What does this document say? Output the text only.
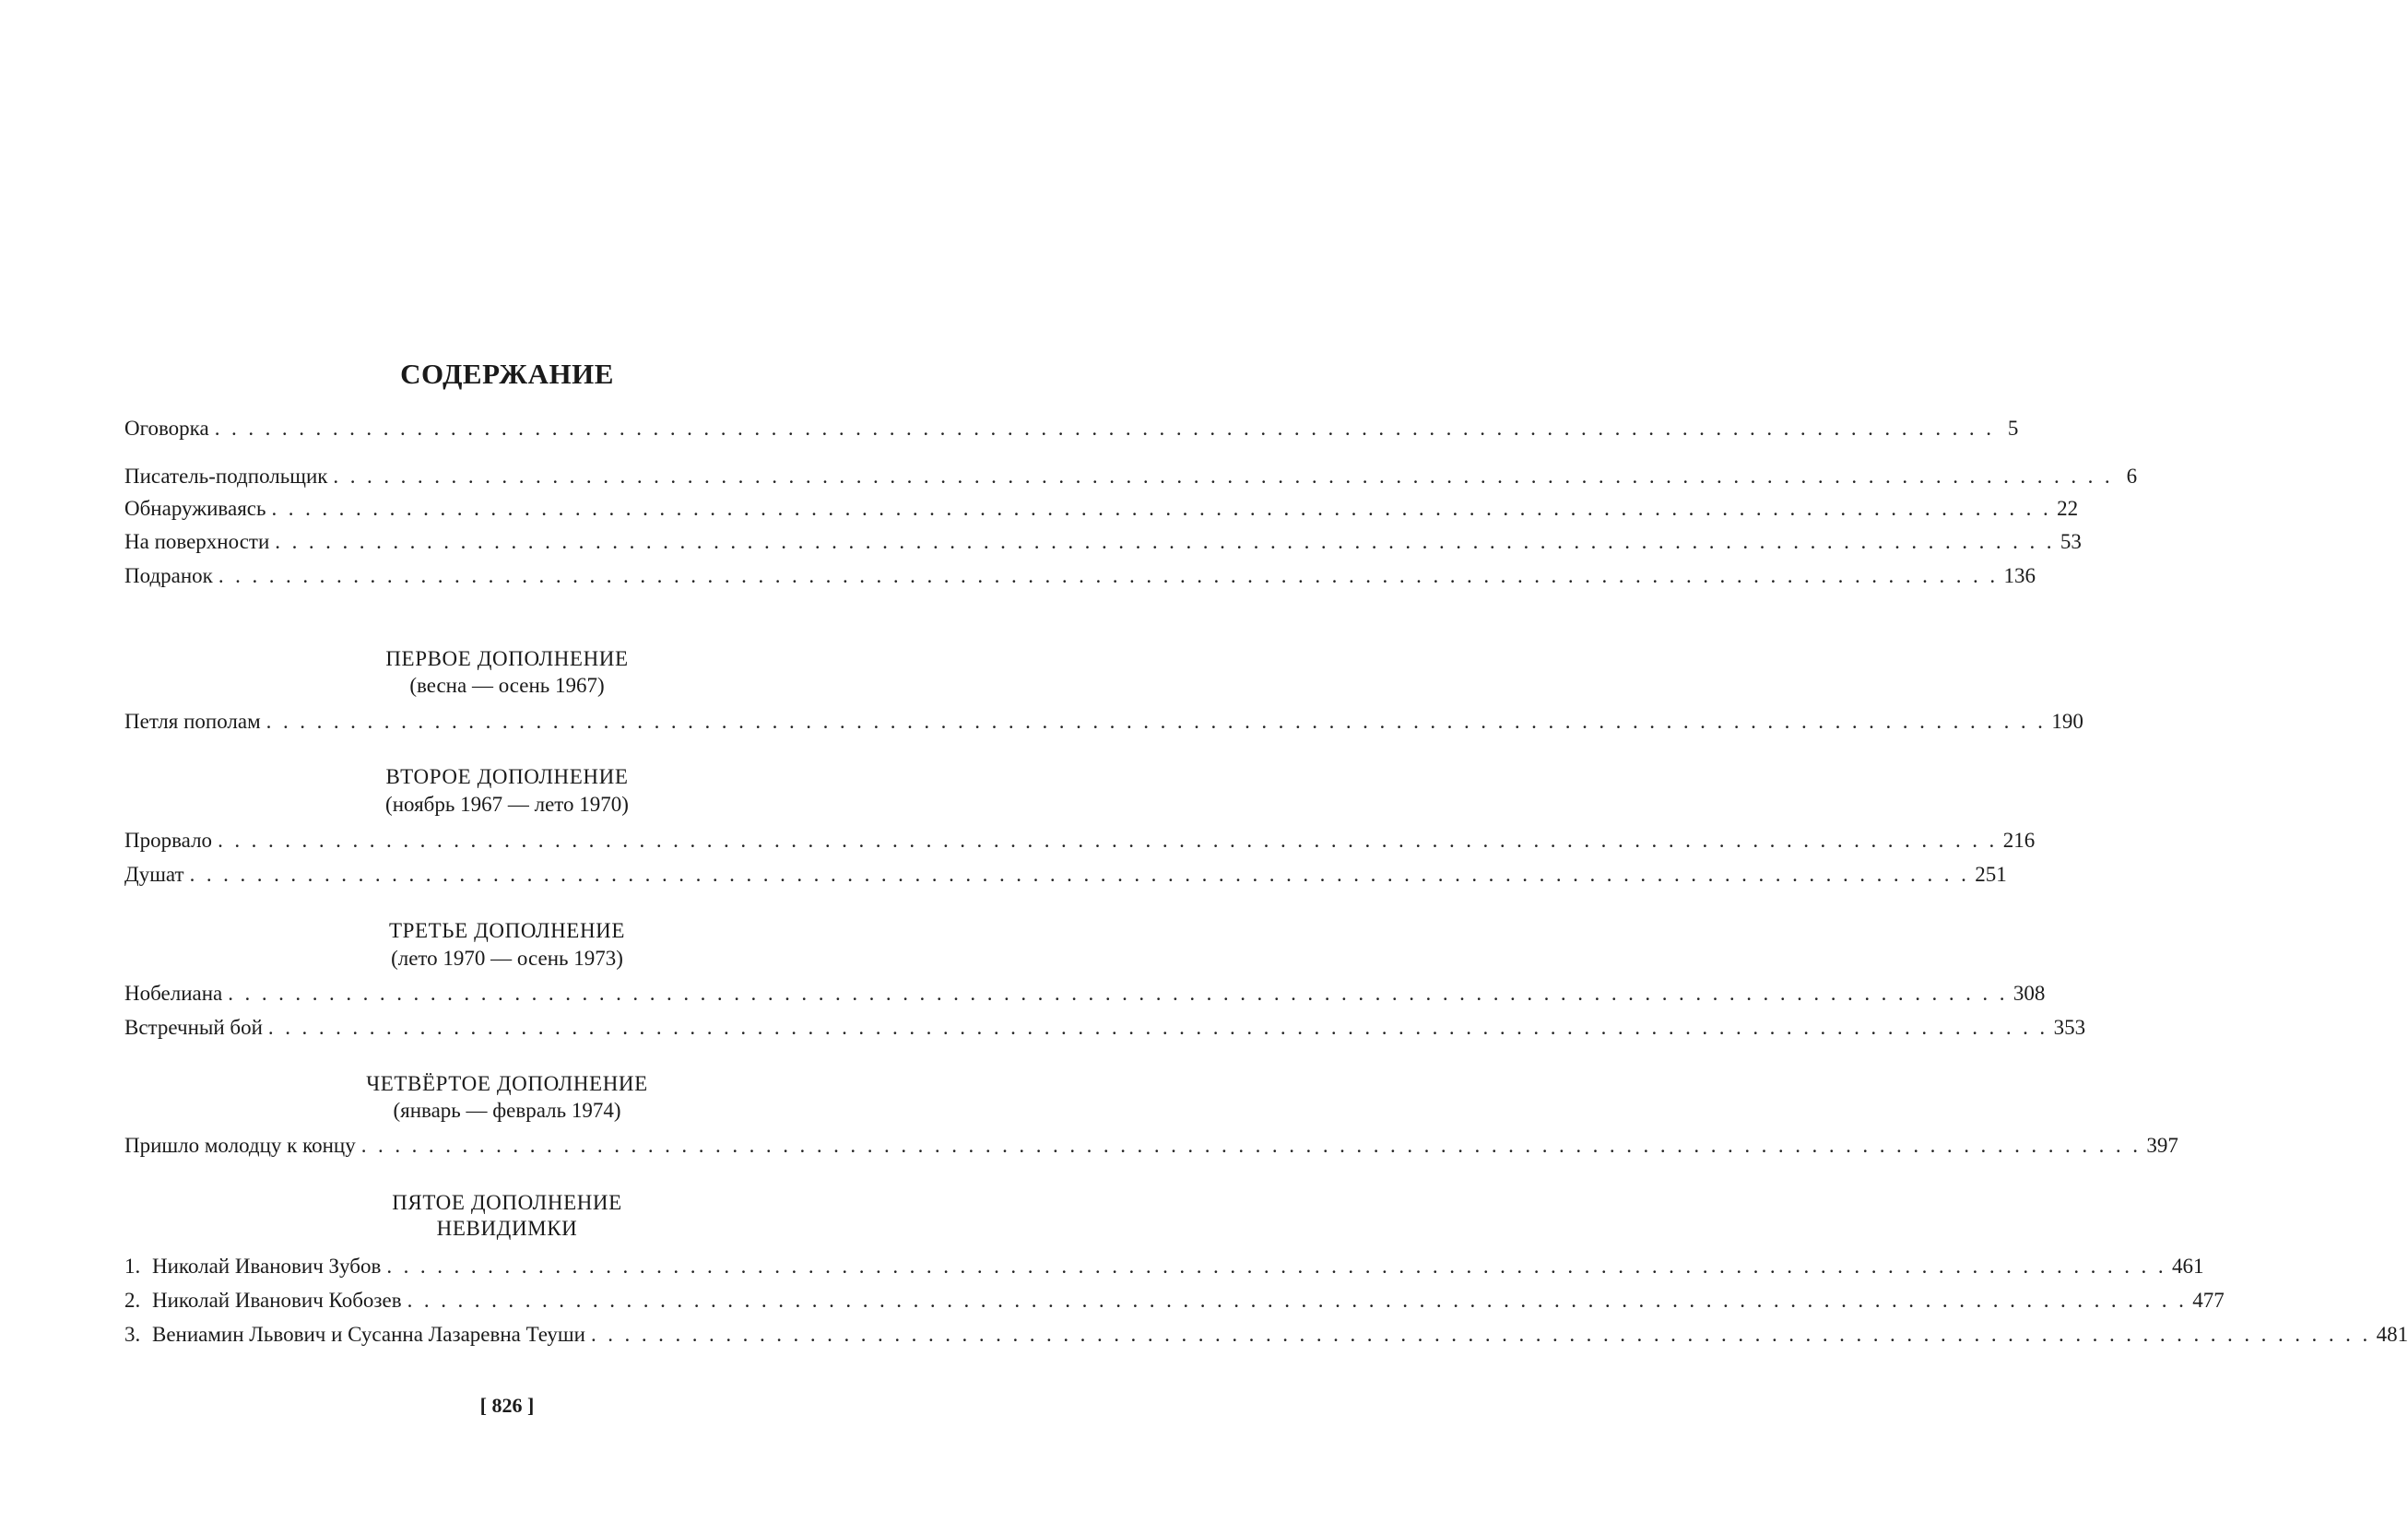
СОДЕРЖАНИЕ
Оговорка . . . . . . . . . . . . . . . . . . . . . . . . . . . . . . . . . . . . . . . . . . . . . . . . . . . . . . . . . . . . . . . . . . . . . . . . . . . . . . . . . . . . . . . . . . . . . . . . . . . . . . . . . . 5
Писатель-подпольщик . . . . . . . . . . . . . . . . . . . . . . . . . . . . . . . . . . . . . . . . . . . . . . . . . . . . . . . . . . . . . . . . . . . . . . . . . . . . . . . . . . . . . . . . . . . . . . . . . . . . . . . . . . 6
Обнаруживаясь . . . . . . . . . . . . . . . . . . . . . . . . . . . . . . . . . . . . . . . . . . . . . . . . . . . . . . . . . . . . . . . . . . . . . . . . . . . . . . . . . . . . . . . . . . . . . . . . . . . . . . . . . . 22
На поверхности . . . . . . . . . . . . . . . . . . . . . . . . . . . . . . . . . . . . . . . . . . . . . . . . . . . . . . . . . . . . . . . . . . . . . . . . . . . . . . . . . . . . . . . . . . . . . . . . . . . . . . . . . . 53
Подранок . . . . . . . . . . . . . . . . . . . . . . . . . . . . . . . . . . . . . . . . . . . . . . . . . . . . . . . . . . . . . . . . . . . . . . . . . . . . . . . . . . . . . . . . . . . . . . . . . . . . . . . . . . 136
ПЕРВОЕ ДОПОЛНЕНИЕ
(весна — осень 1967)
Петля пополам . . . . . . . . . . . . . . . . . . . . . . . . . . . . . . . . . . . . . . . . . . . . . . . . . . . . . . . . . . . . . . . . . . . . . . . . . . . . . . . . . . . . . . . . . . . . . . . . . . . . . . . . . . 190
ВТОРОЕ ДОПОЛНЕНИЕ
(ноябрь 1967 — лето 1970)
Прорвало . . . . . . . . . . . . . . . . . . . . . . . . . . . . . . . . . . . . . . . . . . . . . . . . . . . . . . . . . . . . . . . . . . . . . . . . . . . . . . . . . . . . . . . . . . . . . . . . . . . . . . . . . . 216
Душат . . . . . . . . . . . . . . . . . . . . . . . . . . . . . . . . . . . . . . . . . . . . . . . . . . . . . . . . . . . . . . . . . . . . . . . . . . . . . . . . . . . . . . . . . . . . . . . . . . . . . . . . . . 251
ТРЕТЬЕ ДОПОЛНЕНИЕ
(лето 1970 — осень 1973)
Нобелиана . . . . . . . . . . . . . . . . . . . . . . . . . . . . . . . . . . . . . . . . . . . . . . . . . . . . . . . . . . . . . . . . . . . . . . . . . . . . . . . . . . . . . . . . . . . . . . . . . . . . . . . . . . 308
Встречный бой . . . . . . . . . . . . . . . . . . . . . . . . . . . . . . . . . . . . . . . . . . . . . . . . . . . . . . . . . . . . . . . . . . . . . . . . . . . . . . . . . . . . . . . . . . . . . . . . . . . . . . . . . . 353
ЧЕТВЁРТОЕ ДОПОЛНЕНИЕ
(январь — февраль 1974)
Пришло молодцу к концу . . . . . . . . . . . . . . . . . . . . . . . . . . . . . . . . . . . . . . . . . . . . . . . . . . . . . . . . . . . . . . . . . . . . . . . . . . . . . . . . . . . . . . . . . . . . . . . . . . . . . . . . . . 397
ПЯТОЕ ДОПОЛНЕНИЕ
НЕВИДИМКИ
1. Николай Иванович Зубов . . . . . . . . . . . . . . . . . . . . . . . . . . . . . . . . . . . . . . . . . . . . . . . . . . . . . . . . . . . . . . . . . . . . . . . . . . . . . . . . . . . . . . . . . . . . . . . . . . . . . . . . . . 461
2. Николай Иванович Кобозев . . . . . . . . . . . . . . . . . . . . . . . . . . . . . . . . . . . . . . . . . . . . . . . . . . . . . . . . . . . . . . . . . . . . . . . . . . . . . . . . . . . . . . . . . . . . . . . . . . . . . . . . . . 477
3. Вениамин Львович и Сусанна Лазаревна Теуши . . . . . . . . . . . . . . . . . . . . . . . . . . . . . . . . . . . . . . . . . . . . . . . . . . . . . . . . . . . . . . . . . . . . . . . . . . . . . . . . . . . . . . . . . . . . . . . . . . . . . . . . . . 481
[ 826 ]
